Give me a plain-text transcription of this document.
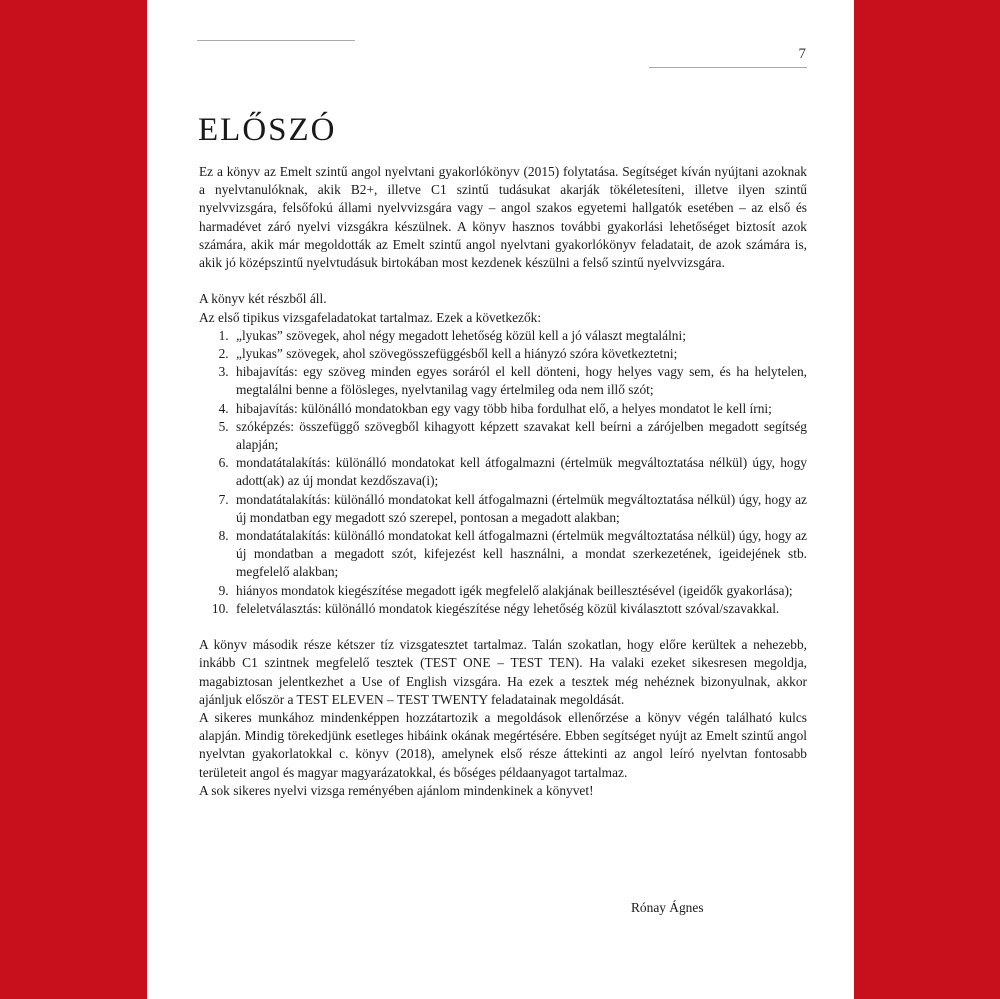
7
ELŐSZÓ

Ez a könyv az Emelt szintű angol nyelvtani gyakorlókönyv (2015) folytatása. Segítséget kíván nyújtani azoknak a nyelvtanulóknak, akik B2+, illetve C1 szintű tudásukat akarják tökéletesíteni, illetve ilyen szintű nyelvvizsgára, felsőfokú állami nyelvvizsgára vagy – angol szakos egyetemi hallgatók esetében – az első és harmadévet záró nyelvi vizsgákra készülnek. A könyv hasznos további gyakorlási lehetőséget biztosít azok számára, akik már megoldották az Emelt szintű angol nyelvtani gyakorlókönyv feladatait, de azok számára is, akik jó középszintű nyelvtudásuk birtokában most kezdenek készülni a felső szintű nyelvvizsgára.

A könyv két részből áll.

Az első tipikus vizsgafeladatokat tartalmaz. Ezek a következők:

1. „lyukas” szövegek, ahol négy megadott lehetőség közül kell a jó választ megtalálni;
2. „lyukas” szövegek, ahol szövegösszefüggésből kell a hiányzó szóra következtetni;
3. hibajavítás: egy szöveg minden egyes soráról el kell dönteni, hogy helyes vagy sem, és ha helytelen, megtalálni benne a fölösleges, nyelvtanilag vagy értelmileg oda nem illő szót;
4. hibajavítás: különálló mondatokban egy vagy több hiba fordulhat elő, a helyes mondatot le kell írni;
5. szóképzés: összefüggő szövegből kihagyott képzett szavakat kell beírni a zárójelben megadott segítség alapján;
6. mondatátalakítás: különálló mondatokat kell átfogalmazni (értelmük megváltoztatása nélkül) úgy, hogy adott(ak) az új mondat kezdőszava(i);
7. mondatátalakítás: különálló mondatokat kell átfogalmazni (értelmük megváltoztatása nélkül) úgy, hogy az új mondatban egy megadott szó szerepel, pontosan a megadott alakban;
8. mondatátalakítás: különálló mondatokat kell átfogalmazni (értelmük megváltoztatása nélkül) úgy, hogy az új mondatban a megadott szót, kifejezést kell használni, a mondat szerkezetének, igeidejének stb. megfelelő alakban;
9. hiányos mondatok kiegészítése megadott igék megfelelő alakjának beillesztésével (igeidők gyakorlása);
10. feleletválasztás: különálló mondatok kiegészítése négy lehetőség közül kiválasztott szóval/szavakkal.

A könyv második része kétszer tíz vizsgatesztet tartalmaz. Talán szokatlan, hogy előre kerültek a nehezebb, inkább C1 szintnek megfelelő tesztek (TEST ONE – TEST TEN). Ha valaki ezeket sikesresen megoldja, magabiztosan jelentkezhet a Use of English vizsgára. Ha ezek a tesztek még nehéznek bizonyulnak, akkor ajánljuk először a TEST ELEVEN – TEST TWENTY feladatainak megoldását.

A sikeres munkához mindenképpen hozzátartozik a megoldások ellenőrzése a könyv végén található kulcs alapján. Mindig törekedjünk esetleges hibáink okának megértésére. Ebben segítséget nyújt az Emelt szintű angol nyelvtan gyakorlatokkal c. könyv (2018), amelynek első része áttekinti az angol leíró nyelvtan fontosabb területeit angol és magyar magyarázatokkal, és bőséges példaanyagot tartalmaz.

A sok sikeres nyelvi vizsga reményében ajánlom mindenkinek a könyvet!

Rónay Ágnes
